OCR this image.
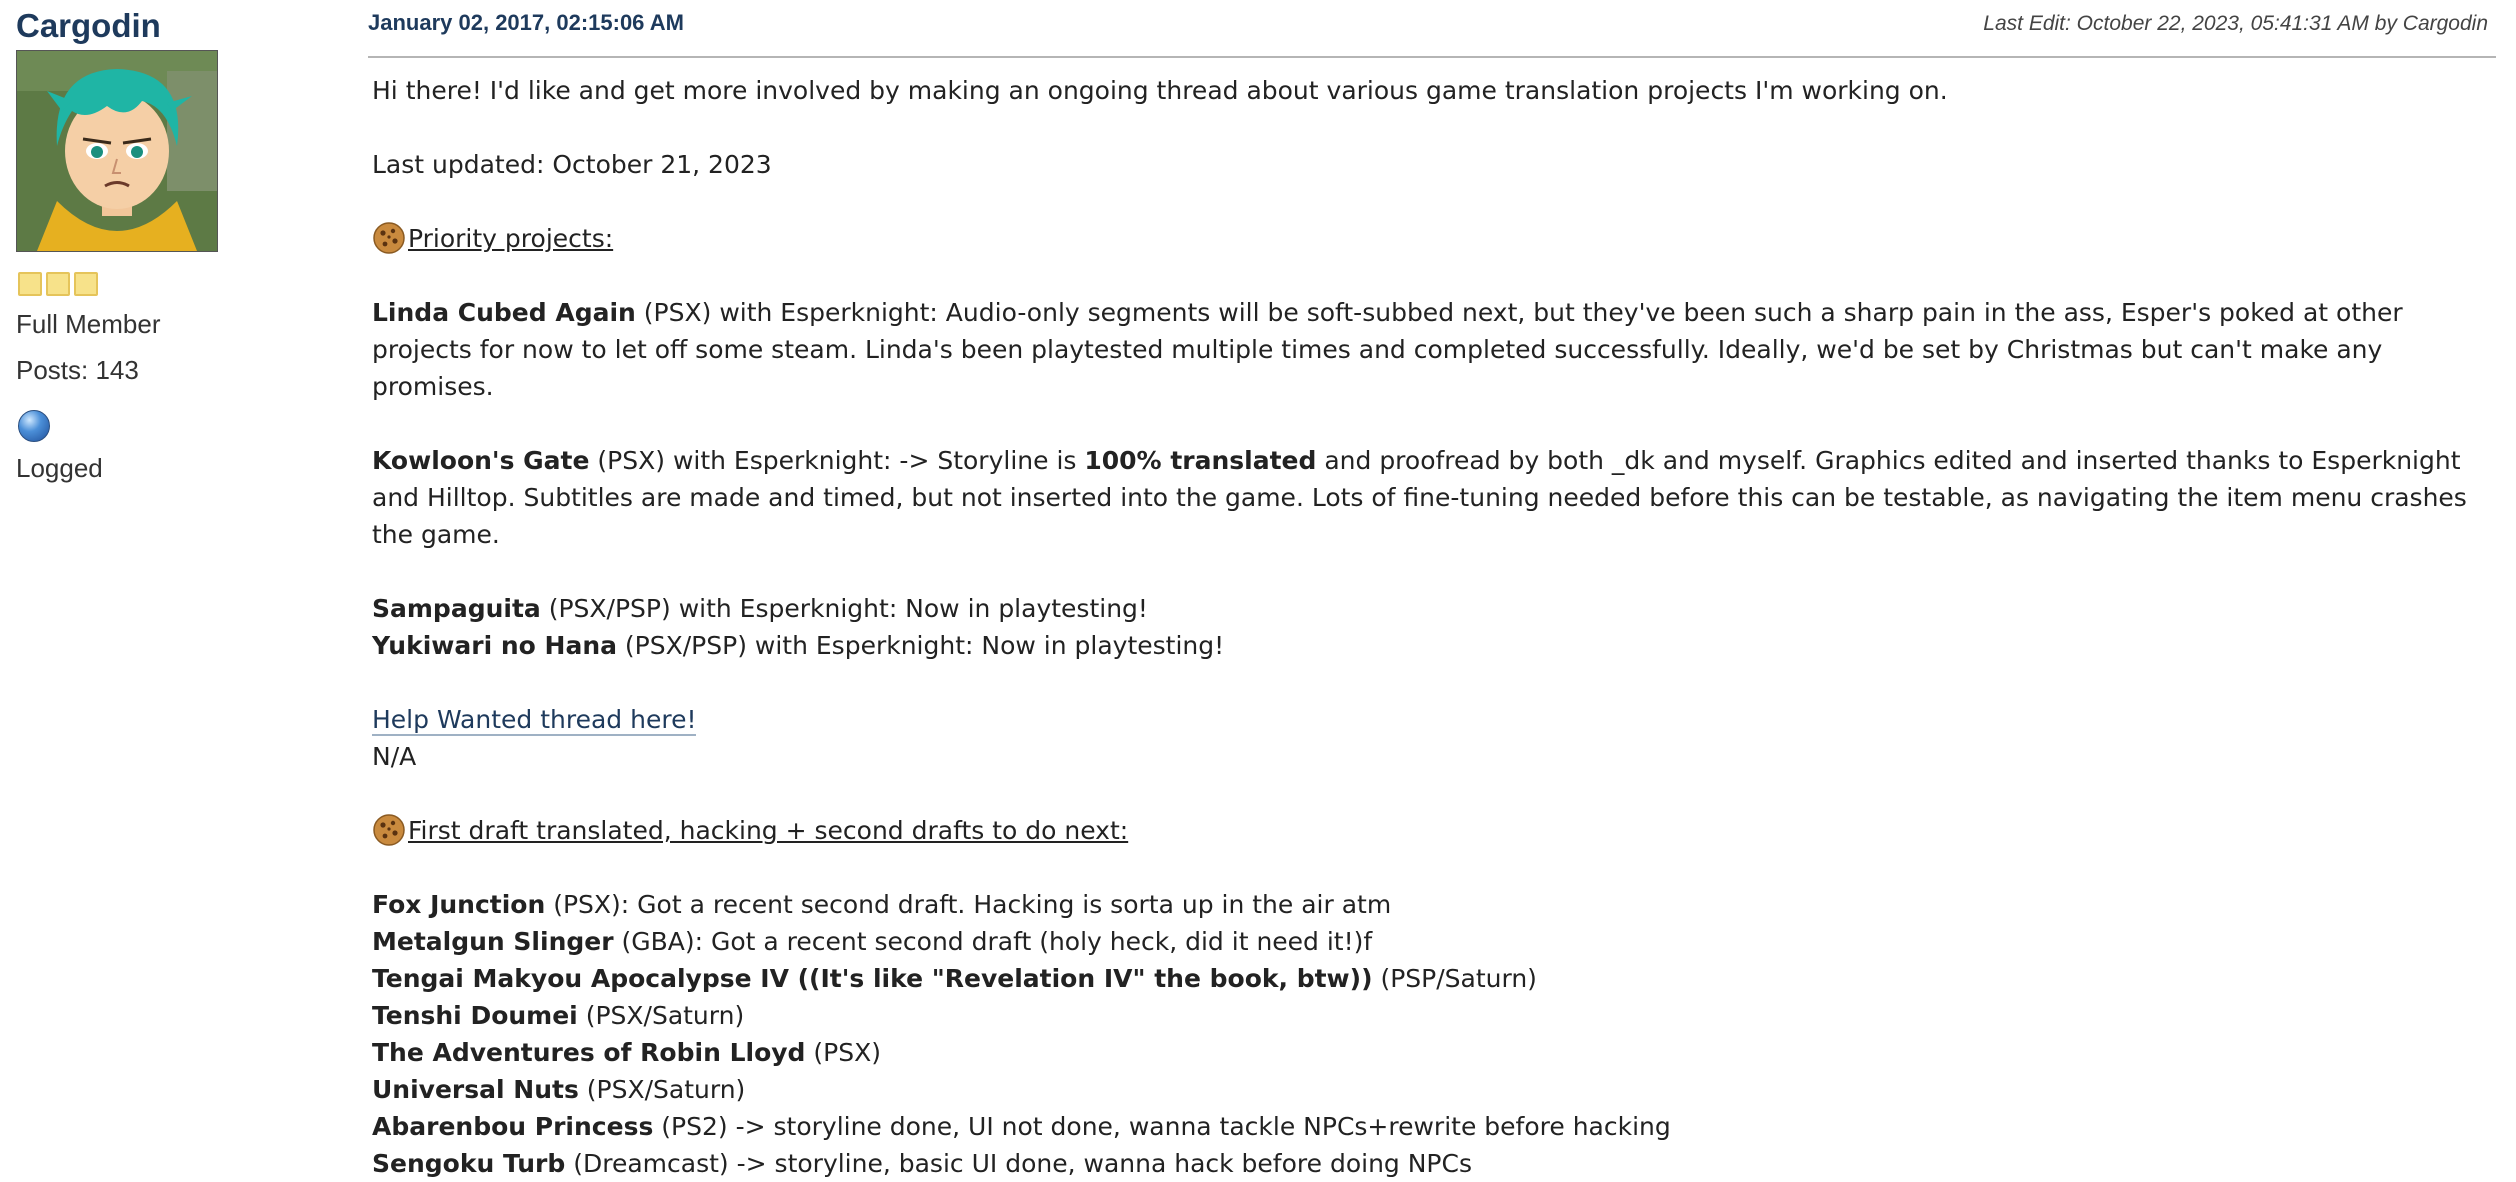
Cargodin
Full Member
Posts: 143
Logged
January 02, 2017, 02:15:06 AM	Last Edit: October 22, 2023, 05:41:31 AM by Cargodin

Hi there! I'd like and get more involved by making an ongoing thread about various game translation projects I'm working on.

Last updated: October 21, 2023

Priority projects:

Linda Cubed Again (PSX) with Esperknight: Audio-only segments will be soft-subbed next, but they've been such a sharp pain in the ass, Esper's poked at other projects for now to let off some steam. Linda's been playtested multiple times and completed successfully. Ideally, we'd be set by Christmas but can't make any promises.

Kowloon's Gate (PSX) with Esperknight: -> Storyline is 100% translated and proofread by both _dk and myself. Graphics edited and inserted thanks to Esperknight and Hilltop. Subtitles are made and timed, but not inserted into the game. Lots of fine-tuning needed before this can be testable, as navigating the item menu crashes the game.

Sampaguita (PSX/PSP) with Esperknight: Now in playtesting!

Yukiwari no Hana (PSX/PSP) with Esperknight: Now in playtesting!

Help Wanted thread here!

N/A

First draft translated, hacking + second drafts to do next:

Fox Junction (PSX): Got a recent second draft. Hacking is sorta up in the air atm

Metalgun Slinger (GBA): Got a recent second draft (holy heck, did it need it!)f

Tengai Makyou Apocalypse IV ((It's like "Revelation IV" the book, btw)) (PSP/Saturn)

Tenshi Doumei (PSX/Saturn)

The Adventures of Robin Lloyd (PSX)

Universal Nuts (PSX/Saturn)

Abarenbou Princess (PS2) -> storyline done, UI not done, wanna tackle NPCs+rewrite before hacking

Sengoku Turb (Dreamcast) -> storyline, basic UI done, wanna hack before doing NPCs
